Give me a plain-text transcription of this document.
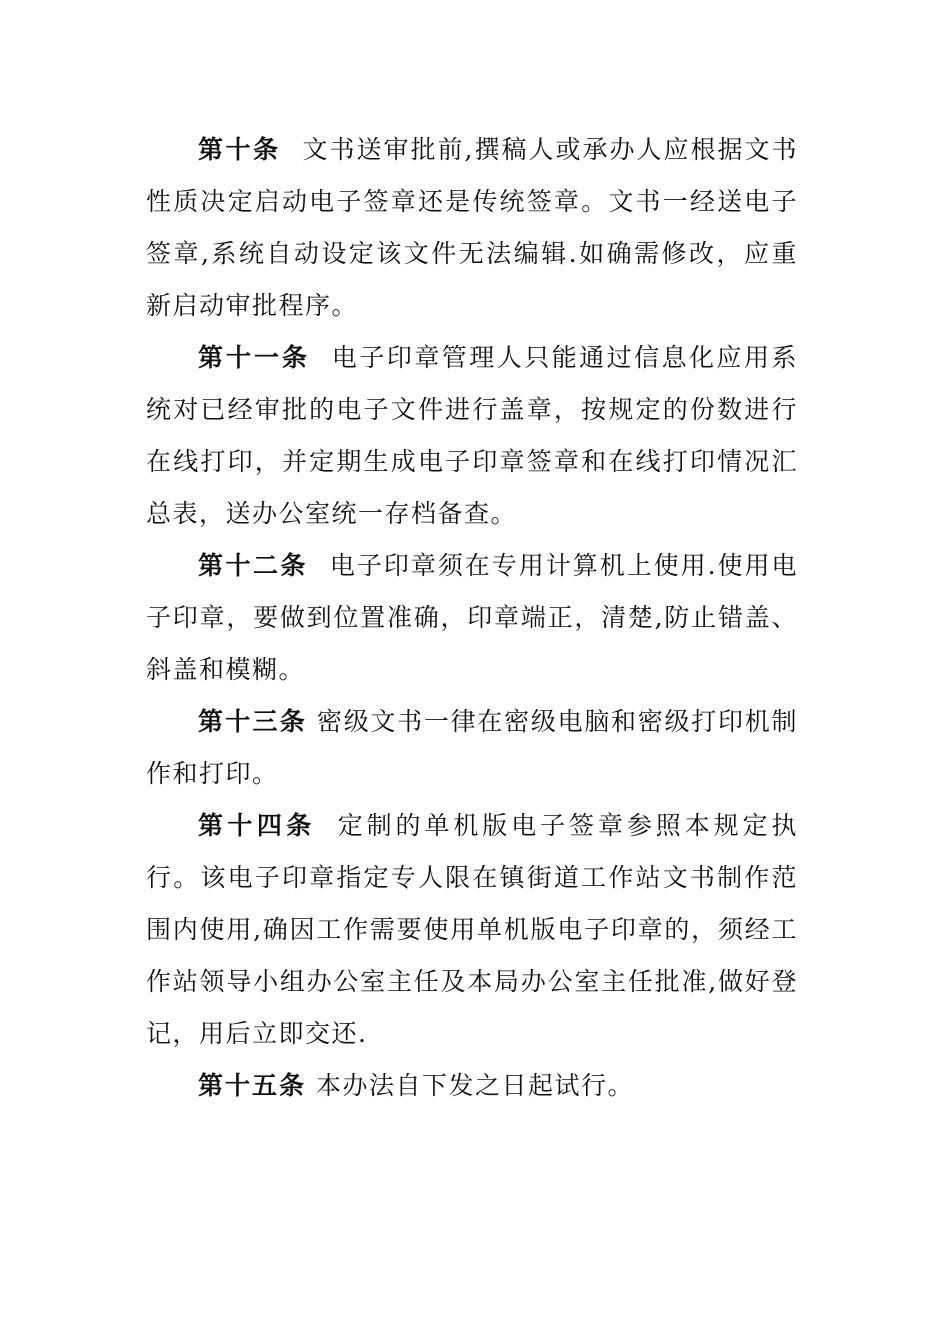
第十条 文书送审批前,撰稿人或承办人应根据文书性质决定启动电子签章还是传统签章。文书一经送电子签章,系统自动设定该文件无法编辑.如确需修改，应重新启动审批程序。

第十一条 电子印章管理人只能通过信息化应用系统对已经审批的电子文件进行盖章，按规定的份数进行在线打印，并定期生成电子印章签章和在线打印情况汇总表，送办公室统一存档备查。

第十二条 电子印章须在专用计算机上使用.使用电子印章，要做到位置准确，印章端正，清楚,防止错盖、斜盖和模糊。

第十三条 密级文书一律在密级电脑和密级打印机制作和打印。

第十四条 定制的单机版电子签章参照本规定执行。该电子印章指定专人限在镇街道工作站文书制作范围内使用,确因工作需要使用单机版电子印章的，须经工作站领导小组办公室主任及本局办公室主任批准,做好登记，用后立即交还.

第十五条 本办法自下发之日起试行。
